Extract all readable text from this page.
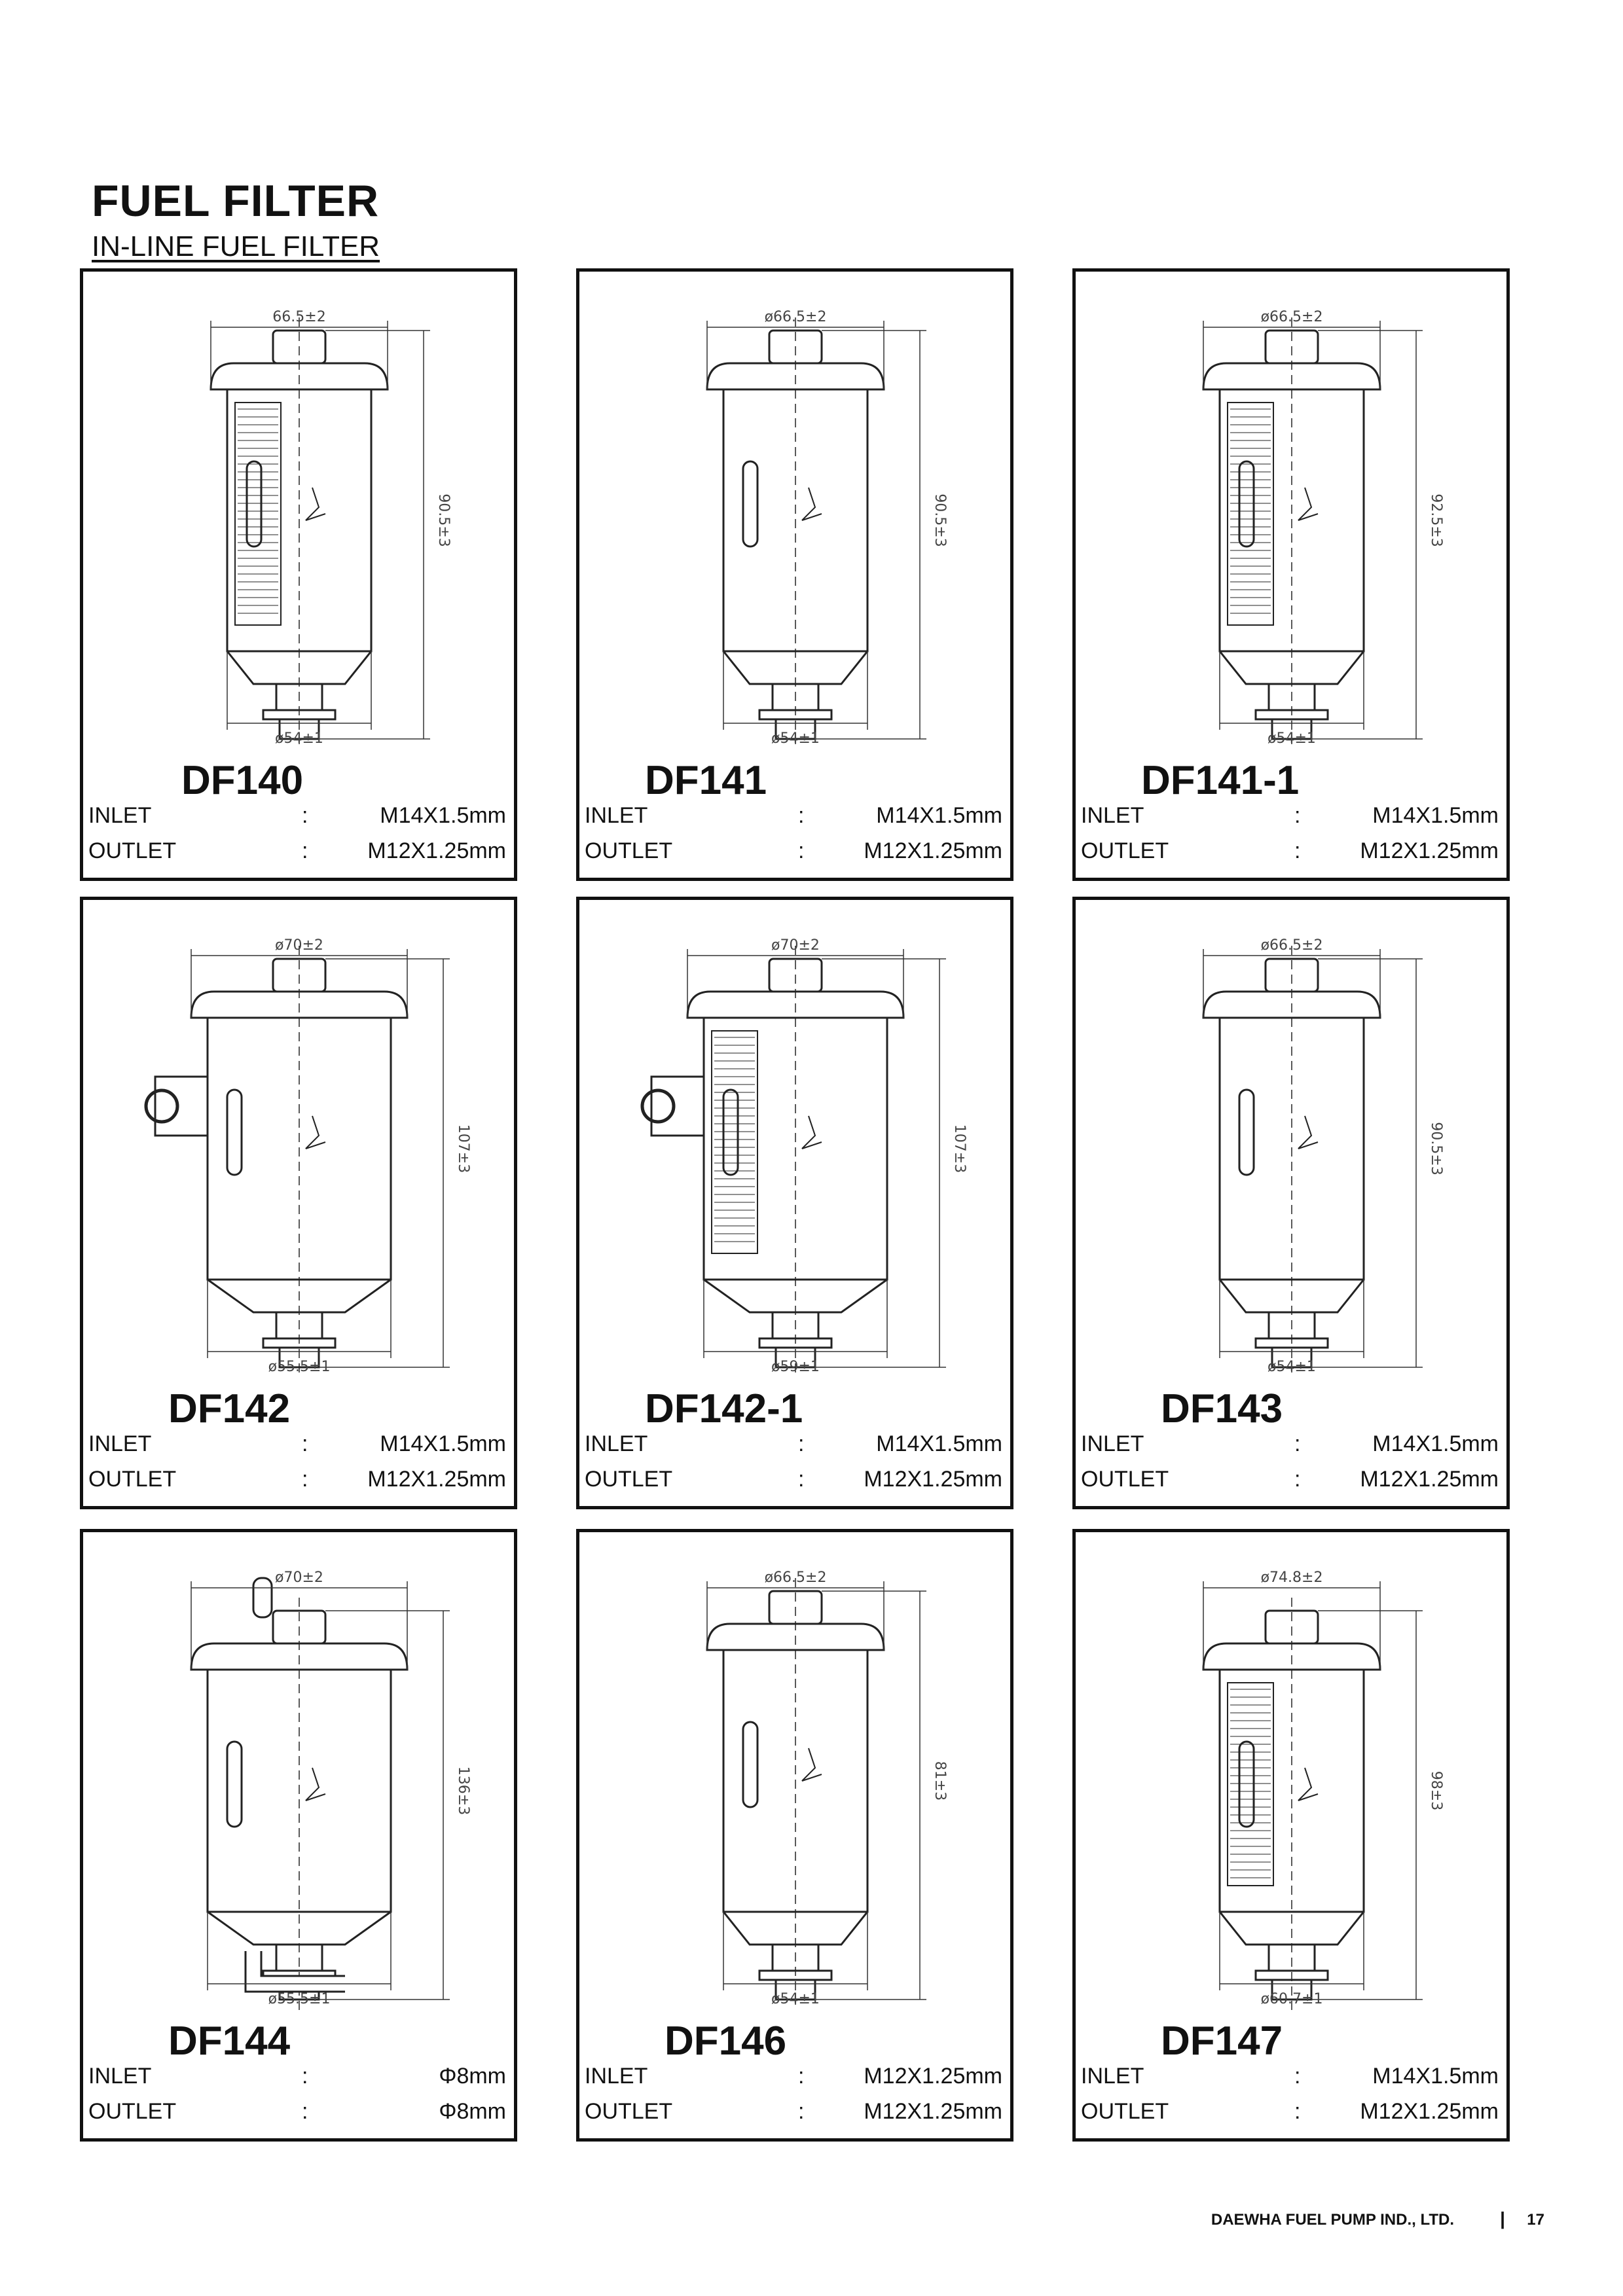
FUEL FILTER
IN-LINE FUEL FILTER
66.5±2
90.5±3
ø54±1
DF140
INLET	:	M14X1.5mm
OUTLET	:	M12X1.25mm
ø66.5±2
90.5±3
ø54±1
DF141
INLET	:	M14X1.5mm
OUTLET	:	M12X1.25mm
ø66.5±2
92.5±3
ø54±1
DF141-1
INLET	:	M14X1.5mm
OUTLET	:	M12X1.25mm
ø70±2
107±3
ø55.5±1
DF142
INLET	:	M14X1.5mm
OUTLET	:	M12X1.25mm
ø70±2
107±3
ø59±1
DF142-1
INLET	:	M14X1.5mm
OUTLET	:	M12X1.25mm
ø66.5±2
90.5±3
ø54±1
DF143
INLET	:	M14X1.5mm
OUTLET	:	M12X1.25mm
ø70±2
136±3
ø55.5±1
DF144
INLET	:	Φ8mm
OUTLET	:	Φ8mm
ø66.5±2
81±3
ø54±1
DF146
INLET	:	M12X1.25mm
OUTLET	:	M12X1.25mm
ø74.8±2
98±3
ø60.7±1
DF147
INLET	:	M14X1.5mm
OUTLET	:	M12X1.25mm
DAEWHA FUEL PUMP IND., LTD.	| 17
